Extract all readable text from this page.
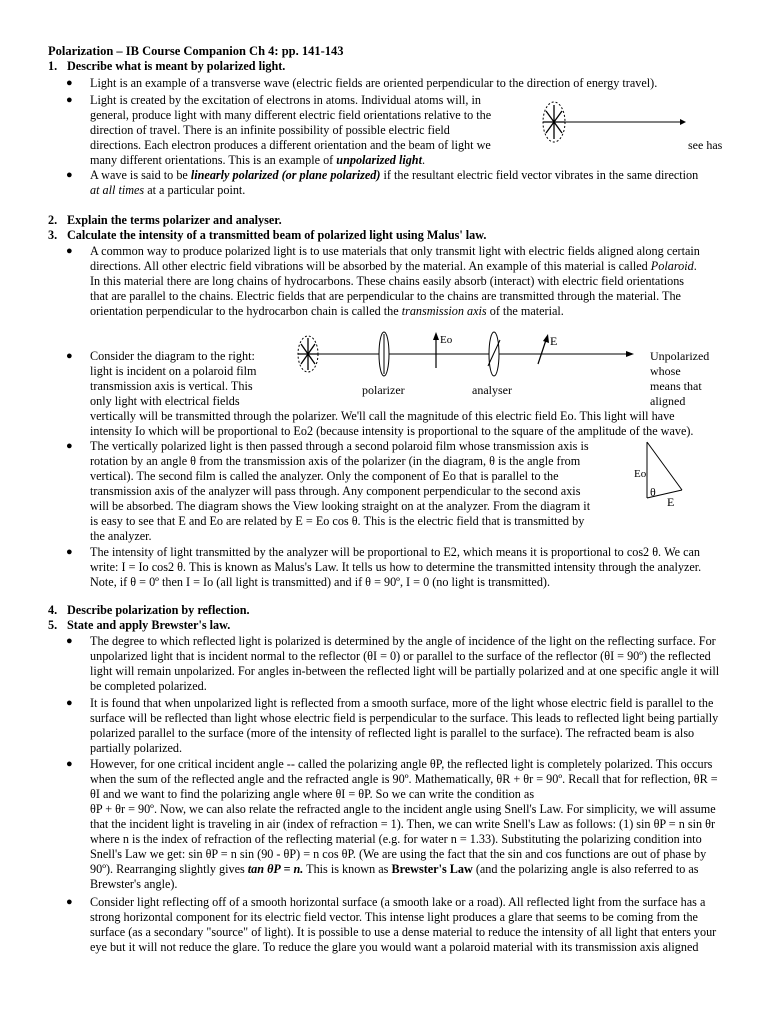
Polarization – IB Course Companion Ch 4: pp. 141-143
1. Describe what is meant by polarized light.
● Light is an example of a transverse wave (electric fields are oriented perpendicular to the direction of energy travel).
● Light is created by the excitation of electrons in atoms. Individual atoms will, in
general, produce light with many different electric field orientations relative to the
direction of travel. There is an infinite possibility of possible electric field
directions. Each electron produces a different orientation and the beam of light we
many different orientations. This is an example of unpolarized light.
see has
● A wave is said to be linearly polarized (or plane polarized) if the resultant electric field vector vibrates in the same direction
at all times at a particular point.
2. Explain the terms polarizer and analyser.
3. Calculate the intensity of a transmitted beam of polarized light using Malus' law.
● A common way to produce polarized light is to use materials that only transmit light with electric fields aligned along certain
directions. All other electric field vibrations will be absorbed by the material. An example of this material is called Polaroid.
In this material there are long chains of hydrocarbons. These chains easily absorb (interact) with electric field orientations
that are parallel to the chains. Electric fields that are perpendicular to the chains are transmitted through the material. The
orientation perpendicular to the hydrocarbon chain is called the transmission axis of the material.
Eo	E
polarizer	analyser
Unpolarized
whose
means that
aligned
● Consider the diagram to the right:
light is incident on a polaroid film
transmission axis is vertical. This
only light with electrical fields
vertically will be transmitted through the polarizer. We'll call the magnitude of this electric field Eo. This light will have
intensity Io which will be proportional to Eo2 (because intensity is proportional to the square of the amplitude of the wave).
● The vertically polarized light is then passed through a second polaroid film whose transmission axis is
rotation by an angle θ from the transmission axis of the polarizer (in the diagram, θ is the angle from
vertical). The second film is called the analyzer. Only the component of Eo that is parallel to the
transmission axis of the analyzer will pass through. Any component perpendicular to the second axis
will be absorbed. The diagram shows the View looking straight on at the analyzer. From the diagram it
is easy to see that E and Eo are related by E = Eo cos θ. This is the electric field that is transmitted by
the analyzer.
Eo
θ
E
● The intensity of light transmitted by the analyzer will be proportional to E2, which means it is proportional to cos2 θ. We can
write: I = Io cos2 θ. This is known as Malus's Law. It tells us how to determine the transmitted intensity through the analyzer.
Note, if θ = 0º then I = Io (all light is transmitted) and if θ = 90º, I = 0 (no light is transmitted).
4. Describe polarization by reflection.
5. State and apply Brewster's law.
● The degree to which reflected light is polarized is determined by the angle of incidence of the light on the reflecting surface. For
unpolarized light that is incident normal to the reflector (θI = 0) or parallel to the surface of the reflector (θI = 90º) the reflected
light will remain unpolarized. For angles in-between the reflected light will be partially polarized and at one specific angle it will
be completed polarized.
● It is found that when unpolarized light is reflected from a smooth surface, more of the light whose electric field is parallel to the
surface will be reflected than light whose electric field is perpendicular to the surface. This leads to reflected light being partially
polarized parallel to the surface (more of the intensity of reflected light is parallel to the surface). The refracted beam is also
partially polarized.
● However, for one critical incident angle -- called the polarizing angle θP, the reflected light is completely polarized. This occurs
when the sum of the reflected angle and the refracted angle is 90º. Mathematically, θR + θr = 90º. Recall that for reflection, θR =
θI and we want to find the polarizing angle where θI = θP. So we can write the condition as
θP + θr = 90º. Now, we can also relate the refracted angle to the incident angle using Snell's Law. For simplicity, we will assume
that the incident light is traveling in air (index of refraction = 1). Then, we can write Snell's Law as follows: (1) sin θP = n sin θr
where n is the index of refraction of the reflecting material (e.g. for water n = 1.33). Substituting the polarizing condition into
Snell's Law we get: sin θP = n sin (90 - θP) = n cos θP. (We are using the fact that the sin and cos functions are out of phase by
90º). Rearranging slightly gives tan θP = n. This is known as Brewster's Law (and the polarizing angle is also referred to as
Brewster's angle).
● Consider light reflecting off of a smooth horizontal surface (a smooth lake or a road). All reflected light from the surface has a
strong horizontal component for its electric field vector. This intense light produces a glare that seems to be coming from the
surface (as a secondary "source" of light). It is possible to use a dense material to reduce the intensity of all light that enters your
eye but it will not reduce the glare. To reduce the glare you would want a polaroid material with its transmission axis aligned
